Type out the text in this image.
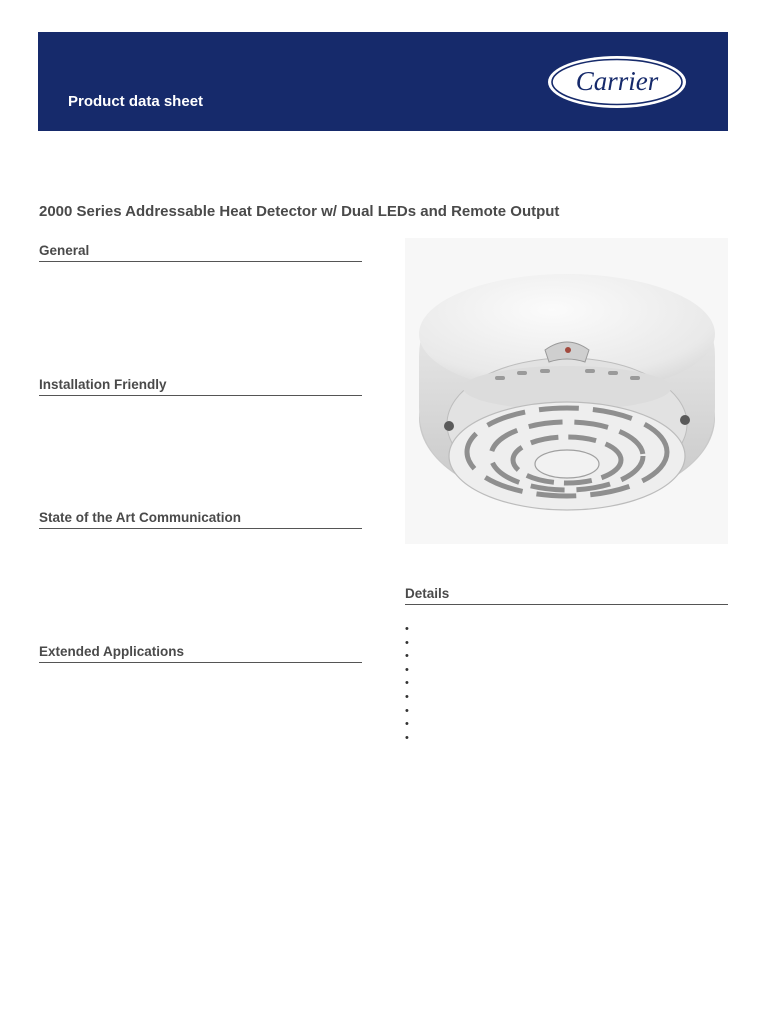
Product data sheet
Carrier
2000 Series Addressable Heat Detector w/ Dual LEDs and Remote Output
General
Installation Friendly
State of the Art Communication
Extended Applications
Details
•
•
•
•
•
•
•
•
•
